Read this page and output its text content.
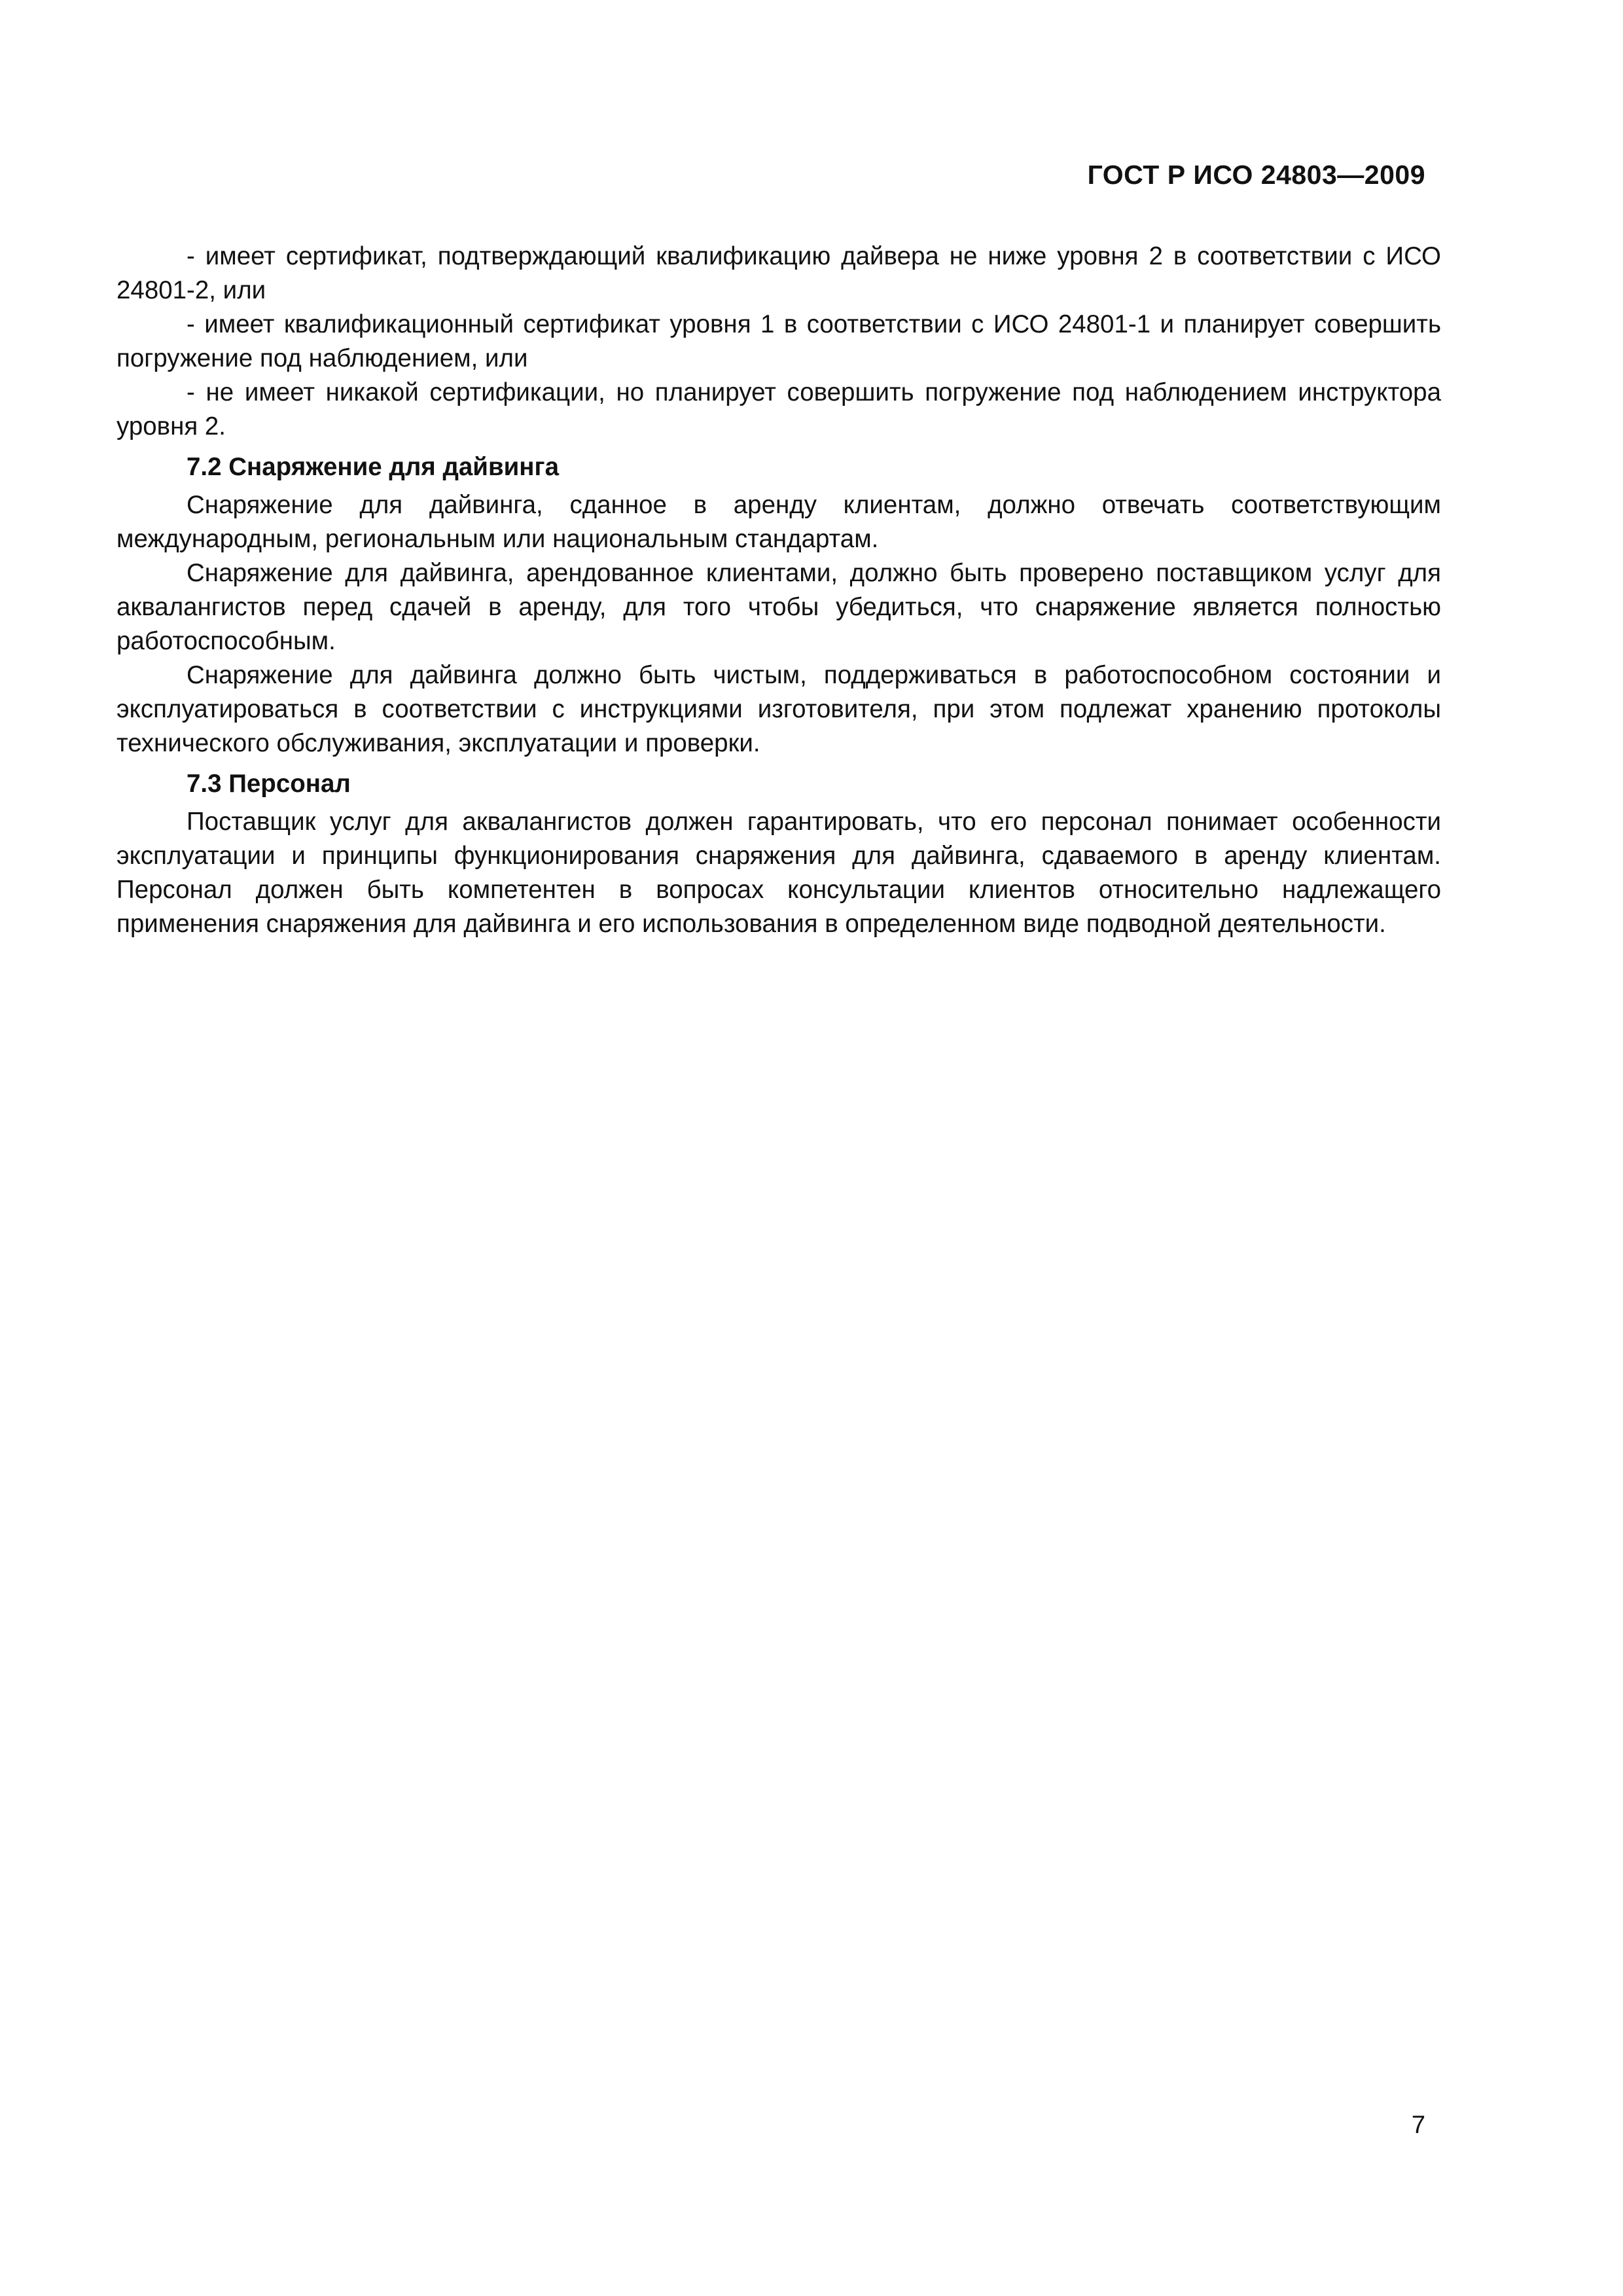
ГОСТ Р ИСО 24803—2009

- имеет сертификат, подтверждающий квалификацию дайвера не ниже уровня 2 в соответствии с ИСО 24801-2, или

- имеет квалификационный сертификат уровня 1 в соответствии с ИСО 24801-1 и планирует совершить погружение под наблюдением, или

- не имеет никакой сертификации, но планирует совершить погружение под наблюдением инструктора уровня 2.

7.2 Снаряжение для дайвинга

Снаряжение для дайвинга, сданное в аренду клиентам, должно отвечать соответствующим международным, региональным или национальным стандартам.

Снаряжение для дайвинга, арендованное клиентами, должно быть проверено поставщиком услуг для аквалангистов перед сдачей в аренду, для того чтобы убедиться, что снаряжение является полностью работоспособным.

Снаряжение для дайвинга должно быть чистым, поддерживаться в работоспособном состоянии и эксплуатироваться в соответствии с инструкциями изготовителя, при этом подлежат хранению протоколы технического обслуживания, эксплуатации и проверки.

7.3 Персонал

Поставщик услуг для аквалангистов должен гарантировать, что его персонал понимает особенности эксплуатации и принципы функционирования снаряжения для дайвинга, сдаваемого в аренду клиентам. Персонал должен быть компетентен в вопросах консультации клиентов относительно надлежащего применения снаряжения для дайвинга и его использования в определенном виде подводной деятельности.

7
